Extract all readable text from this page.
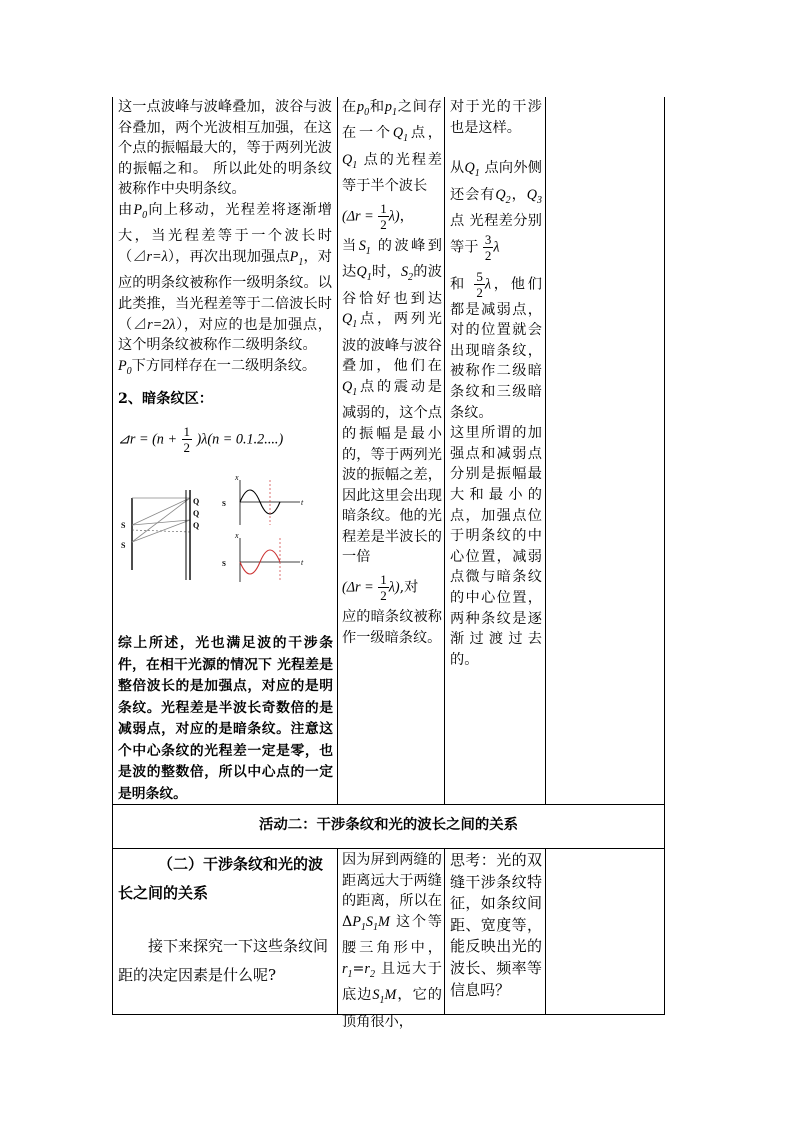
这一点波峰与波峰叠加，波谷与波谷叠加，两个光波相互加强，在这个点的振幅最大的，等于两列光波的振幅之和。 所以此处的明条纹被称作中央明条纹。

由$P_0$向上移动，光程差将逐渐增大，当光程差等于一个波长时（⊿r=λ），再次出现加强点$P_1$，对应的明条纹被称作一级明条纹。以此类推，当光程差等于二倍波长时（⊿r=2λ），对应的也是加强点，这个明条纹被称作二级明条纹。

$P_0$下方同样存在一二级明条纹。

2、暗条纹区：
⊿r = $(n + \frac{1}{2} )\lambda(n = 0.1.2....)$
S
S
Q
Q
Q
x
t
S
x
t
S
综上所述，光也满足波的干涉条件，在相干光源的情况下 光程差是整倍波长的是加强点，对应的是明条纹。光程差是半波长奇数倍的是减弱点，对应的是暗条纹。注意这个中心条纹的光程差一定是零，也是波的整数倍，所以中心点的一定是明条纹。

在$p_0$和$p_1$之间存在一个$Q_1$点，$Q_1$ 点的光程差等于半个波长

$(\Delta r = \frac{1}{2} \lambda)$，

当$S_1$ 的波峰到达$Q_1$时，$S_2$的波谷恰好也到达$Q_1$点，两列光波的波峰与波谷叠加，他们在$Q_1$点的震动是减弱的，这个点的振幅是最小的，等于两列光波的振幅之差，因此这里会出现暗条纹。他的光程差是半波长的一倍

$(\Delta r = \frac{1}{2} \lambda)$,对

应的暗条纹被称作一级暗条纹。

对于光的干涉也是这样。

从$Q_1$ 点向外侧还会有$Q_2$，$Q_3$ 点 光程差分别等于 $\frac{3}{2}$ λ

和 $\frac{5}{2}$ λ，他们都是减弱点，对的位置就会出现暗条纹，被称作二级暗条纹和三级暗条纹。

这里所谓的加强点和减弱点分别是振幅最大和最小的点，加强点位于明条纹的中心位置，减弱点微与暗条纹的中心位置，两种条纹是逐渐过渡过去的。

活动二：干涉条纹和光的波长之间的关系

（二）干涉条纹和光的波长之间的关系

接下来探究一下这些条纹间距的决定因素是什么呢?

因为屏到两缝的距离远大于两缝的距离，所以在$\Delta P_1S_1M$ 这个等腰三角形中，$r_1=r_2$ 且远大于底边$S_1M$，它的顶角很小，
思考：光的双缝干涉条纹特征，如条纹间距、宽度等，能反映出光的波长、频率等信息吗？
